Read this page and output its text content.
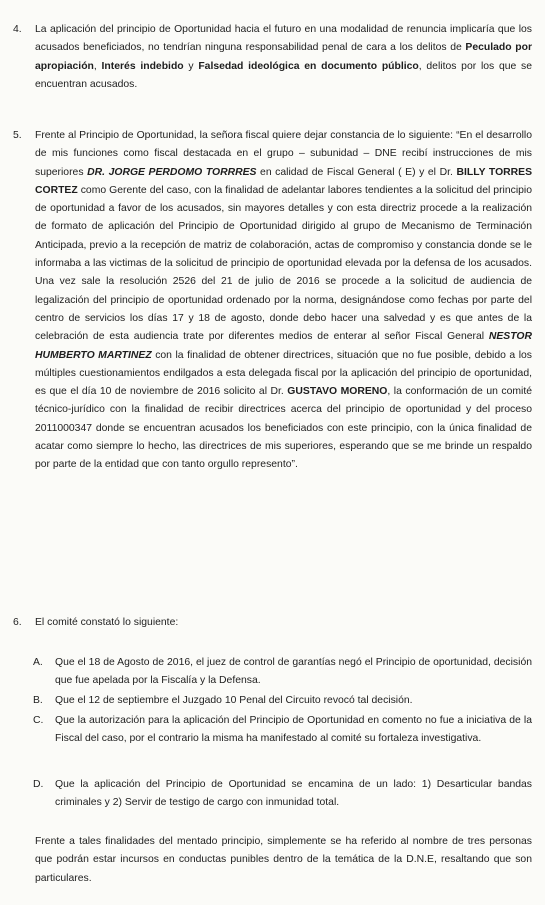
4. La aplicación del principio de Oportunidad hacia el futuro en una modalidad de renuncia implicaría que los acusados beneficiados, no tendrían ninguna responsabilidad penal de cara a los delitos de Peculado por apropiación, Interés indebido y Falsedad ideológica en documento público, delitos por los que se encuentran acusados.
5. Frente al Principio de Oportunidad, la señora fiscal quiere dejar constancia de lo siguiente: “En el desarrollo de mis funciones como fiscal destacada en el grupo – subunidad – DNE recibí instrucciones de mis superiores DR. JORGE PERDOMO TORRRES en calidad de Fiscal General ( E) y el Dr. BILLY TORRES CORTEZ como Gerente del caso, con la finalidad de adelantar labores tendientes a la solicitud del principio de oportunidad a favor de los acusados, sin mayores detalles y con esta directriz procede a la realización de formato de aplicación del Principio de Oportunidad dirigido al grupo de Mecanismo de Terminación Anticipada, previo a la recepción de matriz de colaboración, actas de compromiso y constancia donde se le informaba a las victimas de la solicitud de principio de oportunidad elevada por la defensa de los acusados. Una vez sale la resolución 2526 del 21 de julio de 2016 se procede a la solicitud de audiencia de legalización del principio de oportunidad ordenado por la norma, designándose como fechas por parte del centro de servicios los días 17 y 18 de agosto, donde debo hacer una salvedad y es que antes de la celebración de esta audiencia trate por diferentes medios de enterar al señor Fiscal General NESTOR HUMBERTO MARTINEZ con la finalidad de obtener directrices, situación que no fue posible, debido a los múltiples cuestionamientos endilgados a esta delegada fiscal por la aplicación del principio de oportunidad, es que el día 10 de noviembre de 2016 solicito al Dr. GUSTAVO MORENO, la conformación de un comité técnico-jurídico con la finalidad de recibir directrices acerca del principio de oportunidad y del proceso 2011000347 donde se encuentran acusados los beneficiados con este principio, con la única finalidad de acatar como siempre lo hecho, las directrices de mis superiores, esperando que se me brinde un respaldo por parte de la entidad que con tanto orgullo represento”.
6. El comité constató lo siguiente:
A. Que el 18 de Agosto de 2016, el juez de control de garantías negó el Principio de oportunidad, decisión que fue apelada por la Fiscalía y la Defensa.
B. Que el 12 de septiembre el Juzgado 10 Penal del Circuito revocó tal decisión.
C. Que la autorización para la aplicación del Principio de Oportunidad en comento no fue a iniciativa de la Fiscal del caso, por el contrario la misma ha manifestado al comité su fortaleza investigativa.
D. Que la aplicación del Principio de Oportunidad se encamina de un lado: 1) Desarticular bandas criminales y 2) Servir de testigo de cargo con inmunidad total.
Frente a tales finalidades del mentado principio, simplemente se ha referido al nombre de tres personas que podrán estar incursos en conductas punibles dentro de la temática de la D.N.E, resaltando que son particulares.
